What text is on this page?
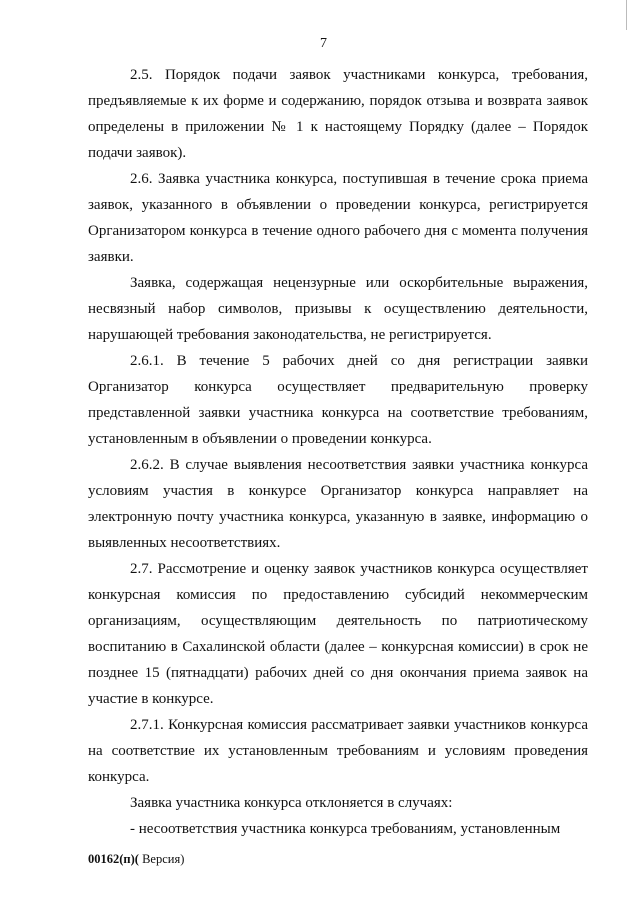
7

2.5. Порядок подачи заявок участниками конкурса, требования, предъявляемые к их форме и содержанию, порядок отзыва и возврата заявок определены в приложении № 1 к настоящему Порядку (далее – Порядок подачи заявок).

2.6. Заявка участника конкурса, поступившая в течение срока приема заявок, указанного в объявлении о проведении конкурса, регистрируется Организатором конкурса в течение одного рабочего дня с момента получения заявки.

Заявка, содержащая нецензурные или оскорбительные выражения, несвязный набор символов, призывы к осуществлению деятельности, нарушающей требования законодательства, не регистрируется.

2.6.1. В течение 5 рабочих дней со дня регистрации заявки Организатор конкурса осуществляет предварительную проверку представленной заявки участника конкурса на соответствие требованиям, установленным в объявлении о проведении конкурса.

2.6.2. В случае выявления несоответствия заявки участника конкурса условиям участия в конкурсе Организатор конкурса направляет на электронную почту участника конкурса, указанную в заявке, информацию о выявленных несоответствиях.

2.7. Рассмотрение и оценку заявок участников конкурса осуществляет конкурсная комиссия по предоставлению субсидий некоммерческим организациям, осуществляющим деятельность по патриотическому воспитанию в Сахалинской области (далее – конкурсная комиссии) в срок не позднее 15 (пятнадцати) рабочих дней со дня окончания приема заявок на участие в конкурсе.

2.7.1. Конкурсная комиссия рассматривает заявки участников конкурса на соответствие их установленным требованиям и условиям проведения конкурса.

Заявка участника конкурса отклоняется в случаях:

- несоответствия участника конкурса требованиям, установленным

00162(п)( Версия)
